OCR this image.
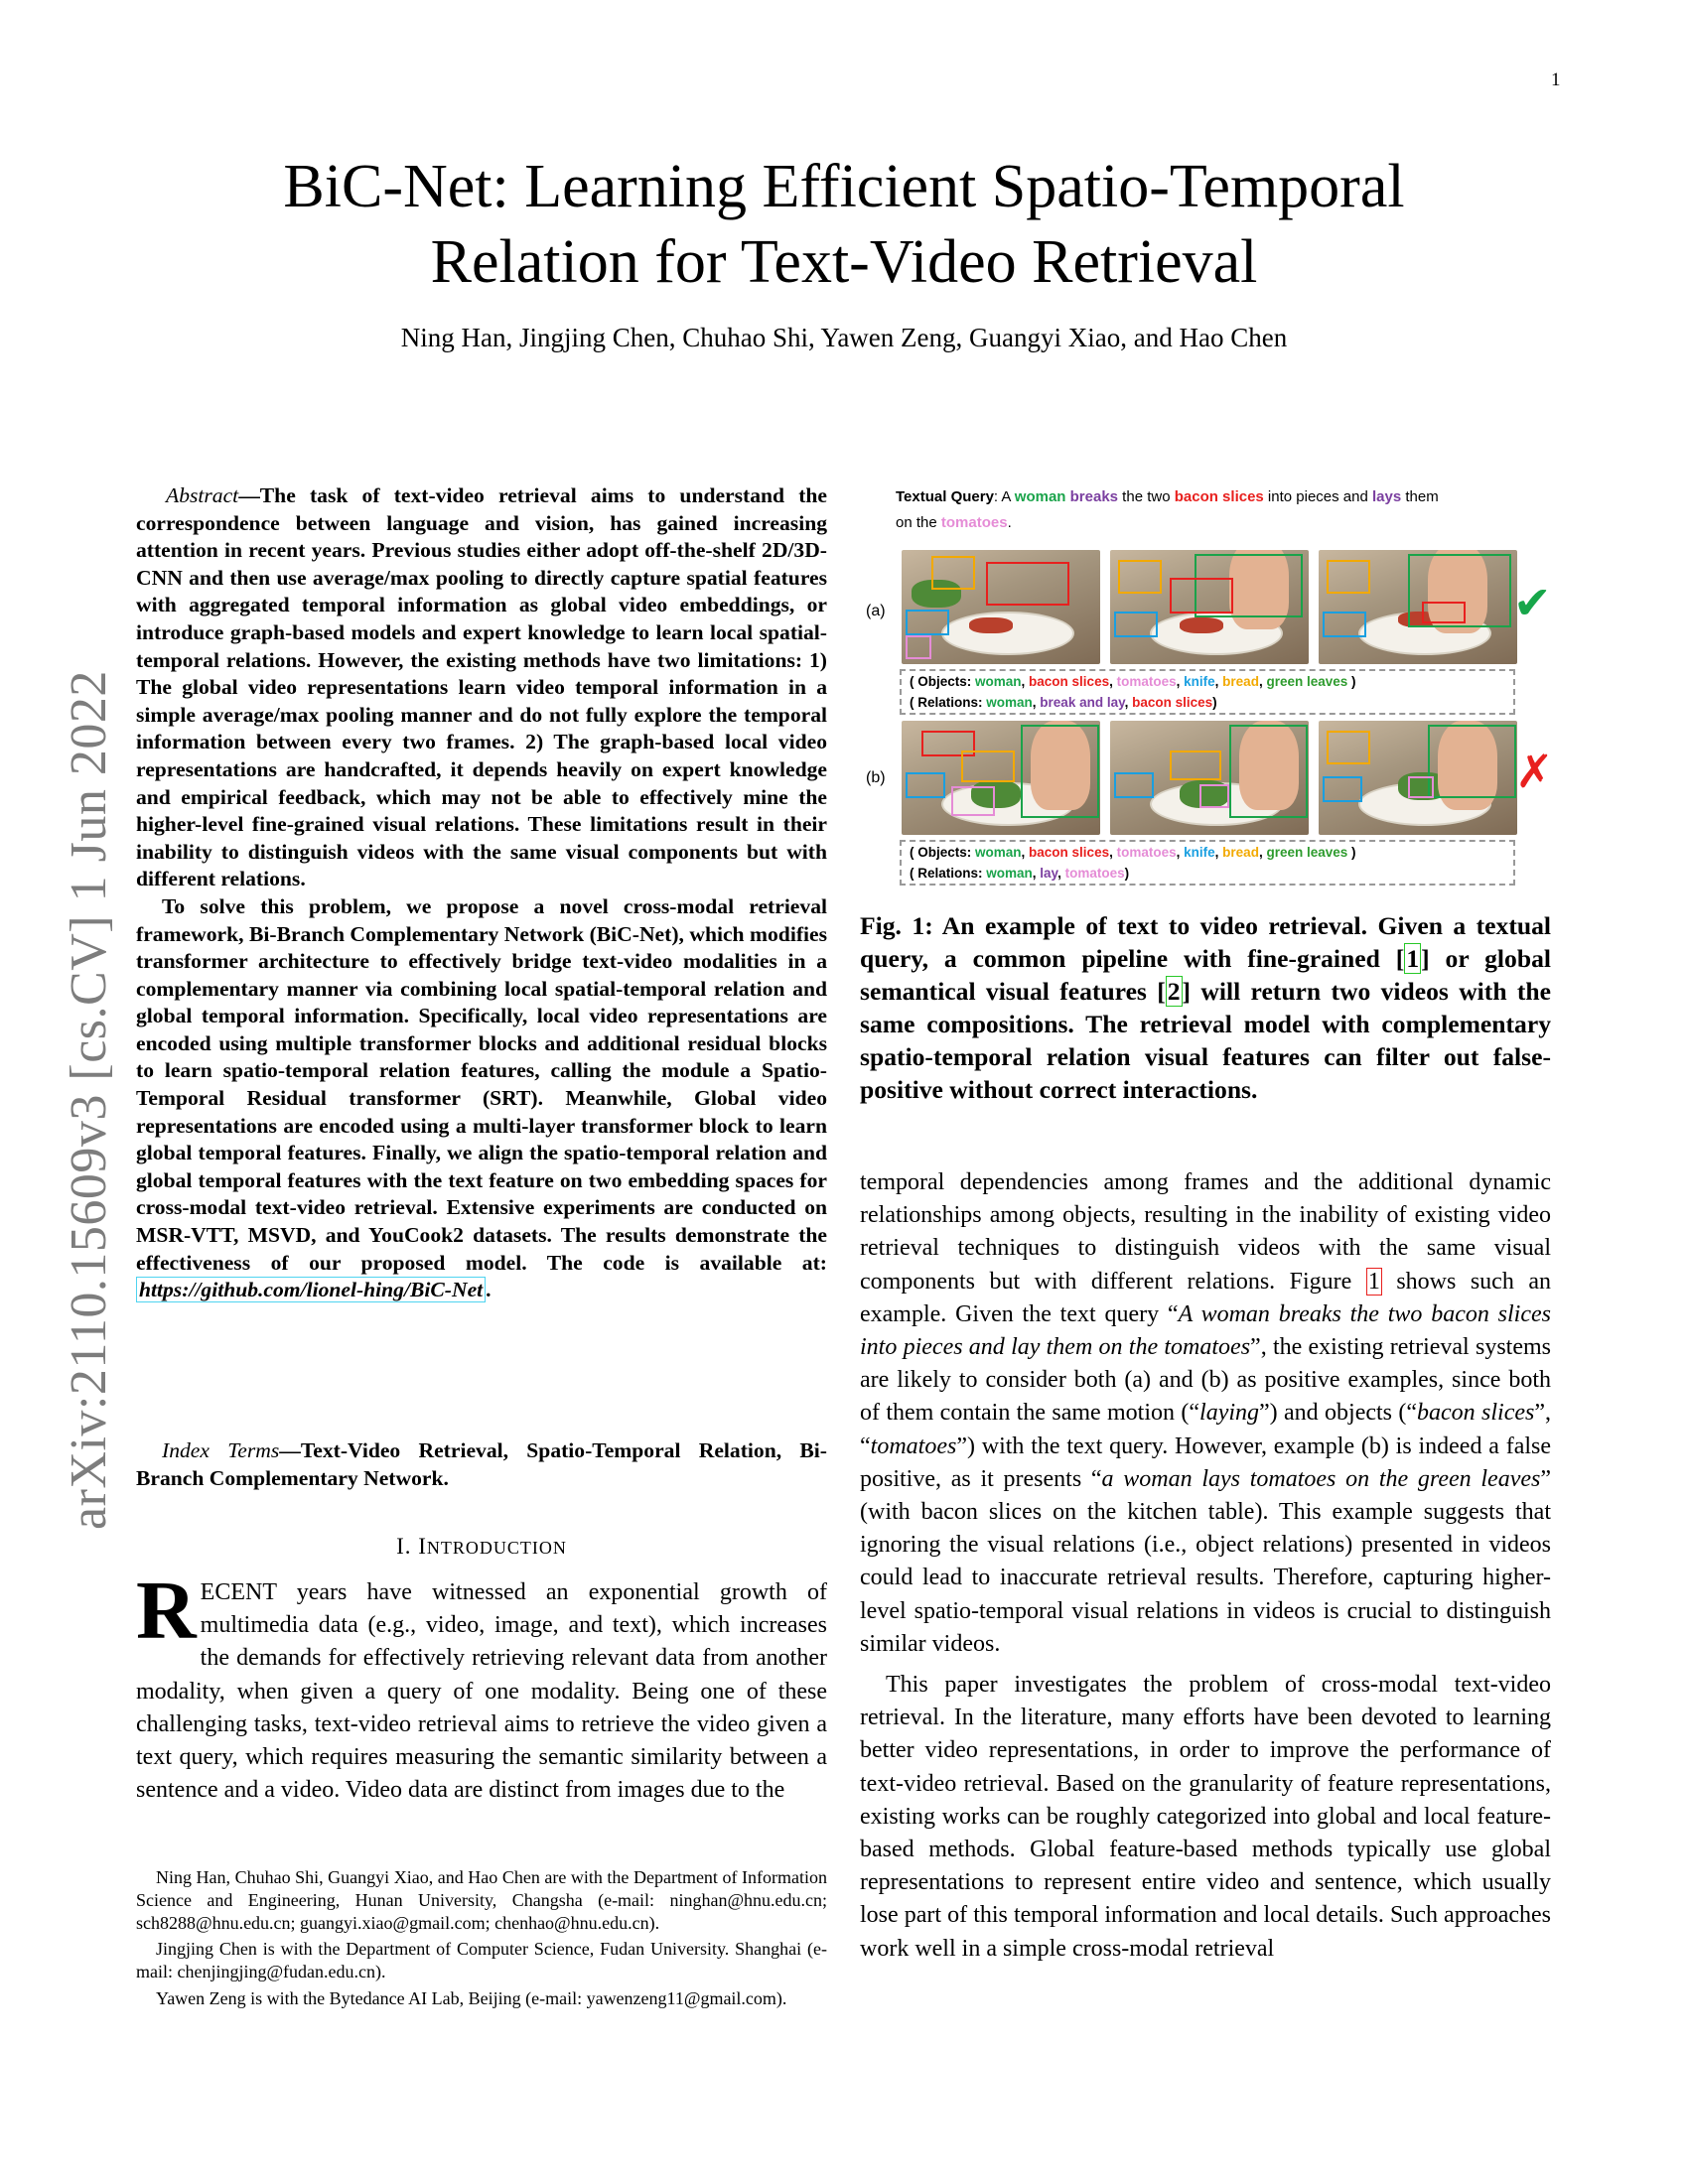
1
arXiv:2110.15609v3 [cs.CV] 1 Jun 2022
BiC-Net: Learning Efficient Spatio-Temporal
Relation for Text-Video Retrieval
Ning Han, Jingjing Chen, Chuhao Shi, Yawen Zeng, Guangyi Xiao, and Hao Chen

Abstract—The task of text-video retrieval aims to understand the correspondence between language and vision, has gained increasing attention in recent years. Previous studies either adopt off-the-shelf 2D/3D-CNN and then use average/max pooling to directly capture spatial features with aggregated temporal information as global video embeddings, or introduce graph-based models and expert knowledge to learn local spatial-temporal relations. However, the existing methods have two limitations: 1) The global video representations learn video temporal information in a simple average/max pooling manner and do not fully explore the temporal information between every two frames. 2) The graph-based local video representations are handcrafted, it depends heavily on expert knowledge and empirical feedback, which may not be able to effectively mine the higher-level fine-grained visual relations. These limitations result in their inability to distinguish videos with the same visual components but with different relations.

To solve this problem, we propose a novel cross-modal retrieval framework, Bi-Branch Complementary Network (BiC-Net), which modifies transformer architecture to effectively bridge text-video modalities in a complementary manner via combining local spatial-temporal relation and global temporal information. Specifically, local video representations are encoded using multiple transformer blocks and additional residual blocks to learn spatio-temporal relation features, calling the module a Spatio-Temporal Residual transformer (SRT). Meanwhile, Global video representations are encoded using a multi-layer transformer block to learn global temporal features. Finally, we align the spatio-temporal relation and global temporal features with the text feature on two embedding spaces for cross-modal text-video retrieval. Extensive experiments are conducted on MSR-VTT, MSVD, and YouCook2 datasets. The results demonstrate the effectiveness of our proposed model. The code is available at: https://github.com/lionel-hing/BiC-Net .

Index Terms—Text-Video Retrieval, Spatio-Temporal Relation, Bi-Branch Complementary Network.
I. INTRODUCTION
RECENT years have witnessed an exponential growth of multimedia data (e.g., video, image, and text), which increases the demands for effectively retrieving relevant data from another modality, when given a query of one modality. Being one of these challenging tasks, text-video retrieval aims to retrieve the video given a text query, which requires measuring the semantic similarity between a sentence and a video. Video data are distinct from images due to the

Ning Han, Chuhao Shi, Guangyi Xiao, and Hao Chen are with the Department of Information Science and Engineering, Hunan University, Changsha (e-mail: ninghan@hnu.edu.cn; sch8288@hnu.edu.cn; guangyi.xiao@gmail.com; chenhao@hnu.edu.cn).

Jingjing Chen is with the Department of Computer Science, Fudan University. Shanghai (e-mail: chenjingjing@fudan.edu.cn).

Yawen Zeng is with the Bytedance AI Lab, Beijing (e-mail: yawenzeng11@gmail.com).

Textual Query: A woman breaks the two bacon slices into pieces and lays them
on the tomatoes.
(a)
(b)
✔
( Objects: woman, bacon slices, tomatoes, knife, bread, green leaves )
( Relations: woman, break and lay, bacon slices)
✗
( Objects: woman, bacon slices, tomatoes, knife, bread, green leaves )
( Relations: woman, lay, tomatoes)
Fig. 1: An example of text to video retrieval. Given a textual query, a common pipeline with fine-grained [1] or global semantical visual features [2] will return two videos with the same compositions. The retrieval model with complementary spatio-temporal relation visual features can filter out false-positive without correct interactions.

temporal dependencies among frames and the additional dynamic relationships among objects, resulting in the inability of existing video retrieval techniques to distinguish videos with the same visual components but with different relations. Figure 1 shows such an example. Given the text query “A woman breaks the two bacon slices into pieces and lay them on the tomatoes”, the existing retrieval systems are likely to consider both (a) and (b) as positive examples, since both of them contain the same motion (“laying”) and objects (“bacon slices”, “tomatoes”) with the text query. However, example (b) is indeed a false positive, as it presents “a woman lays tomatoes on the green leaves” (with bacon slices on the kitchen table). This example suggests that ignoring the visual relations (i.e., object relations) presented in videos could lead to inaccurate retrieval results. Therefore, capturing higher-level spatio-temporal visual relations in videos is crucial to distinguish similar videos.

This paper investigates the problem of cross-modal text-video retrieval. In the literature, many efforts have been devoted to learning better video representations, in order to improve the performance of text-video retrieval. Based on the granularity of feature representations, existing works can be roughly categorized into global and local feature-based methods. Global feature-based methods typically use global representations to represent entire video and sentence, which usually lose part of this temporal information and local details. Such approaches work well in a simple cross-modal retrieval
